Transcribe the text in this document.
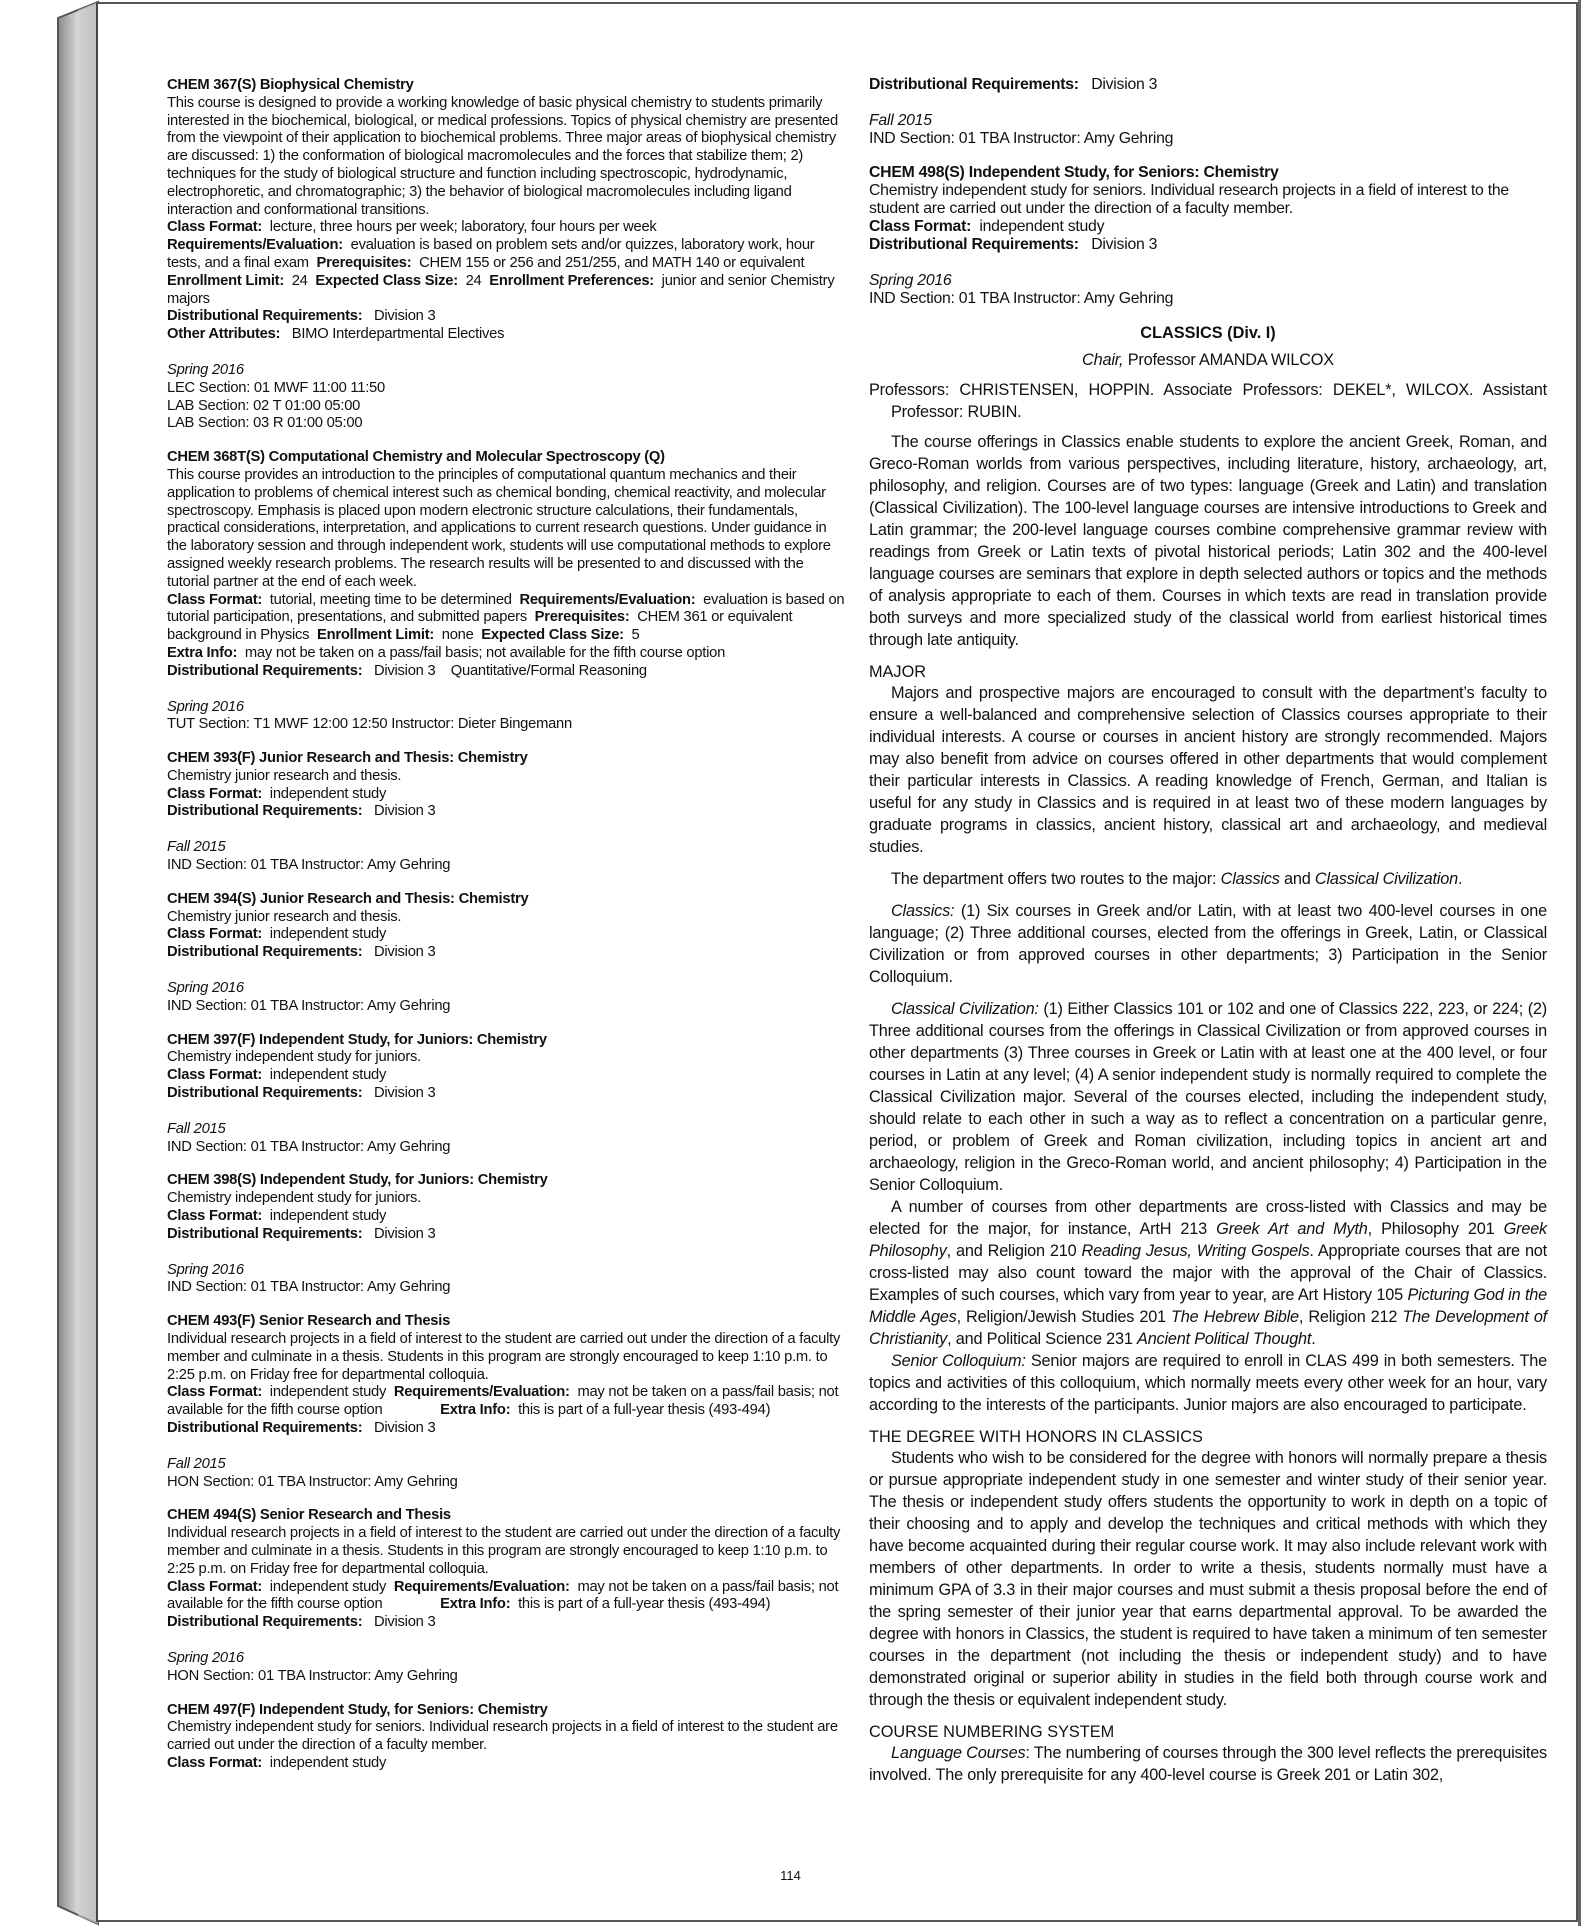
CHEM 367(S) Biophysical Chemistry
This course is designed to provide a working knowledge of basic physical chemistry to students primarily interested in the biochemical, biological, or medical professions. Topics of physical chemistry are presented from the viewpoint of their application to biochemical problems. Three major areas of biophysical chemistry are discussed: 1) the conformation of biological macromolecules and the forces that stabilize them; 2) techniques for the study of biological structure and function including spectroscopic, hydrodynamic, electrophoretic, and chromatographic; 3) the behavior of biological macromolecules including ligand interaction and conformational transitions.
Class Format: lecture, three hours per week; laboratory, four hours per week
Requirements/Evaluation: evaluation is based on problem sets and/or quizzes, laboratory work, hour tests, and a final exam Prerequisites: CHEM 155 or 256 and 251/255, and MATH 140 or equivalent  Enrollment Limit: 24 Expected Class Size: 24 Enrollment Preferences: junior and senior Chemistry majors
Distributional Requirements: Division 3
Other Attributes: BIMO Interdepartmental Electives
Spring 2016
LEC Section: 01 MWF 11:00 11:50
LAB Section: 02 T 01:00 05:00
LAB Section: 03 R 01:00 05:00
CHEM 368T(S) Computational Chemistry and Molecular Spectroscopy (Q)
This course provides an introduction to the principles of computational quantum mechanics and their application to problems of chemical interest such as chemical bonding, chemical reactivity, and molecular spectroscopy. Emphasis is placed upon modern electronic structure calculations, their fundamentals, practical considerations, interpretation, and applications to current research questions. Under guidance in the laboratory session and through independent work, students will use computational methods to explore assigned weekly research problems. The research results will be presented to and discussed with the tutorial partner at the end of each week.
Class Format: tutorial, meeting time to be determined Requirements/Evaluation: evaluation is based on tutorial participation, presentations, and submitted papers Prerequisites: CHEM 361 or equivalent background in Physics Enrollment Limit: none Expected Class Size: 5
Extra Info: may not be taken on a pass/fail basis; not available for the fifth course option
Distributional Requirements: Division 3    Quantitative/Formal Reasoning
Spring 2016
TUT Section: T1 MWF 12:00 12:50 Instructor: Dieter Bingemann
CHEM 393(F) Junior Research and Thesis: Chemistry
Chemistry junior research and thesis.
Class Format: independent study
Distributional Requirements: Division 3
Fall 2015
IND Section: 01 TBA Instructor: Amy Gehring
CHEM 394(S) Junior Research and Thesis: Chemistry
Chemistry junior research and thesis.
Class Format: independent study
Distributional Requirements: Division 3
Spring 2016
IND Section: 01 TBA Instructor: Amy Gehring
CHEM 397(F) Independent Study, for Juniors: Chemistry
Chemistry independent study for juniors.
Class Format: independent study
Distributional Requirements: Division 3
Fall 2015
IND Section: 01 TBA Instructor: Amy Gehring
CHEM 398(S) Independent Study, for Juniors: Chemistry
Chemistry independent study for juniors.
Class Format: independent study
Distributional Requirements: Division 3
Spring 2016
IND Section: 01 TBA Instructor: Amy Gehring
CHEM 493(F) Senior Research and Thesis
Individual research projects in a field of interest to the student are carried out under the direction of a faculty member and culminate in a thesis. Students in this program are strongly encouraged to keep 1:10 p.m. to 2:25 p.m. on Friday free for departmental colloquia.
Class Format: independent study Requirements/Evaluation: may not be taken on a pass/fail basis; not available for the fifth course option	Extra Info: this is part of a full-year thesis (493-494)
Distributional Requirements: Division 3
Fall 2015
HON Section: 01 TBA Instructor: Amy Gehring
CHEM 494(S) Senior Research and Thesis
Individual research projects in a field of interest to the student are carried out under the direction of a faculty member and culminate in a thesis. Students in this program are strongly encouraged to keep 1:10 p.m. to 2:25 p.m. on Friday free for departmental colloquia.
Class Format: independent study Requirements/Evaluation: may not be taken on a pass/fail basis; not available for the fifth course option	Extra Info: this is part of a full-year thesis (493-494)
Distributional Requirements: Division 3
Spring 2016
HON Section: 01 TBA Instructor: Amy Gehring
CHEM 497(F) Independent Study, for Seniors: Chemistry
Chemistry independent study for seniors. Individual research projects in a field of interest to the student are carried out under the direction of a faculty member.
Class Format: independent study
Distributional Requirements: Division 3
Fall 2015
IND Section: 01 TBA Instructor: Amy Gehring
CHEM 498(S) Independent Study, for Seniors: Chemistry
Chemistry independent study for seniors. Individual research projects in a field of interest to the student are carried out under the direction of a faculty member.
Class Format: independent study
Distributional Requirements: Division 3
Spring 2016
IND Section: 01 TBA Instructor: Amy Gehring
CLASSICS (Div. I)

Chair, Professor AMANDA WILCOX

Professors: CHRISTENSEN, HOPPIN. Associate Professors: DEKEL*, WILCOX. Assistant Professor: RUBIN.

The course offerings in Classics enable students to explore the ancient Greek, Roman, and Greco-Roman worlds from various perspectives, including literature, history, archaeology, art, philosophy, and religion. Courses are of two types: language (Greek and Latin) and translation (Classical Civilization). The 100-level language courses are intensive introductions to Greek and Latin grammar; the 200-level language courses combine comprehensive grammar review with readings from Greek or Latin texts of pivotal historical periods; Latin 302 and the 400-level language courses are seminars that explore in depth selected authors or topics and the methods of analysis appropriate to each of them. Courses in which texts are read in translation provide both surveys and more specialized study of the classical world from earliest historical times through late antiquity.

MAJOR

Majors and prospective majors are encouraged to consult with the department’s faculty to ensure a well-balanced and comprehensive selection of Classics courses appropriate to their individual interests. A course or courses in ancient history are strongly recommended. Majors may also benefit from advice on courses offered in other departments that would complement their particular interests in Classics. A reading knowledge of French, German, and Italian is useful for any study in Classics and is required in at least two of these modern languages by graduate programs in classics, ancient history, classical art and archaeology, and medieval studies.

The department offers two routes to the major: Classics and Classical Civilization.

Classics: (1) Six courses in Greek and/or Latin, with at least two 400-level courses in one language; (2) Three additional courses, elected from the offerings in Greek, Latin, or Classical Civilization or from approved courses in other departments; 3) Participation in the Senior Colloquium.

Classical Civilization: (1) Either Classics 101 or 102 and one of Classics 222, 223, or 224; (2) Three additional courses from the offerings in Classical Civilization or from approved courses in other departments (3) Three courses in Greek or Latin with at least one at the 400 level, or four courses in Latin at any level; (4) A senior independent study is normally required to complete the Classical Civilization major. Several of the courses elected, including the independent study, should relate to each other in such a way as to reflect a concentration on a particular genre, period, or problem of Greek and Roman civilization, including topics in ancient art and archaeology, religion in the Greco-Roman world, and ancient philosophy; 4) Participation in the Senior Colloquium.

A number of courses from other departments are cross-listed with Classics and may be elected for the major, for instance, ArtH 213 Greek Art and Myth, Philosophy 201 Greek Philosophy, and Religion 210 Reading Jesus, Writing Gospels. Appropriate courses that are not cross-listed may also count toward the major with the approval of the Chair of Classics. Examples of such courses, which vary from year to year, are Art History 105 Picturing God in the Middle Ages, Religion/Jewish Studies 201 The Hebrew Bible, Religion 212 The Development of Christianity, and Political Science 231 Ancient Political Thought.

Senior Colloquium: Senior majors are required to enroll in CLAS 499 in both semesters. The topics and activities of this colloquium, which normally meets every other week for an hour, vary according to the interests of the participants. Junior majors are also encouraged to participate.

THE DEGREE WITH HONORS IN CLASSICS

Students who wish to be considered for the degree with honors will normally prepare a thesis or pursue appropriate independent study in one semester and winter study of their senior year. The thesis or independent study offers students the opportunity to work in depth on a topic of their choosing and to apply and develop the techniques and critical methods with which they have become acquainted during their regular course work. It may also include relevant work with members of other departments. In order to write a thesis, students normally must have a minimum GPA of 3.3 in their major courses and must submit a thesis proposal before the end of the spring semester of their junior year that earns departmental approval. To be awarded the degree with honors in Classics, the student is required to have taken a minimum of ten semester courses in the department (not including the thesis or independent study) and to have demonstrated original or superior ability in studies in the field both through course work and through the thesis or equivalent independent study.

COURSE NUMBERING SYSTEM

Language Courses: The numbering of courses through the 300 level reflects the prerequisites involved. The only prerequisite for any 400-level course is Greek 201 or Latin 302,

114
